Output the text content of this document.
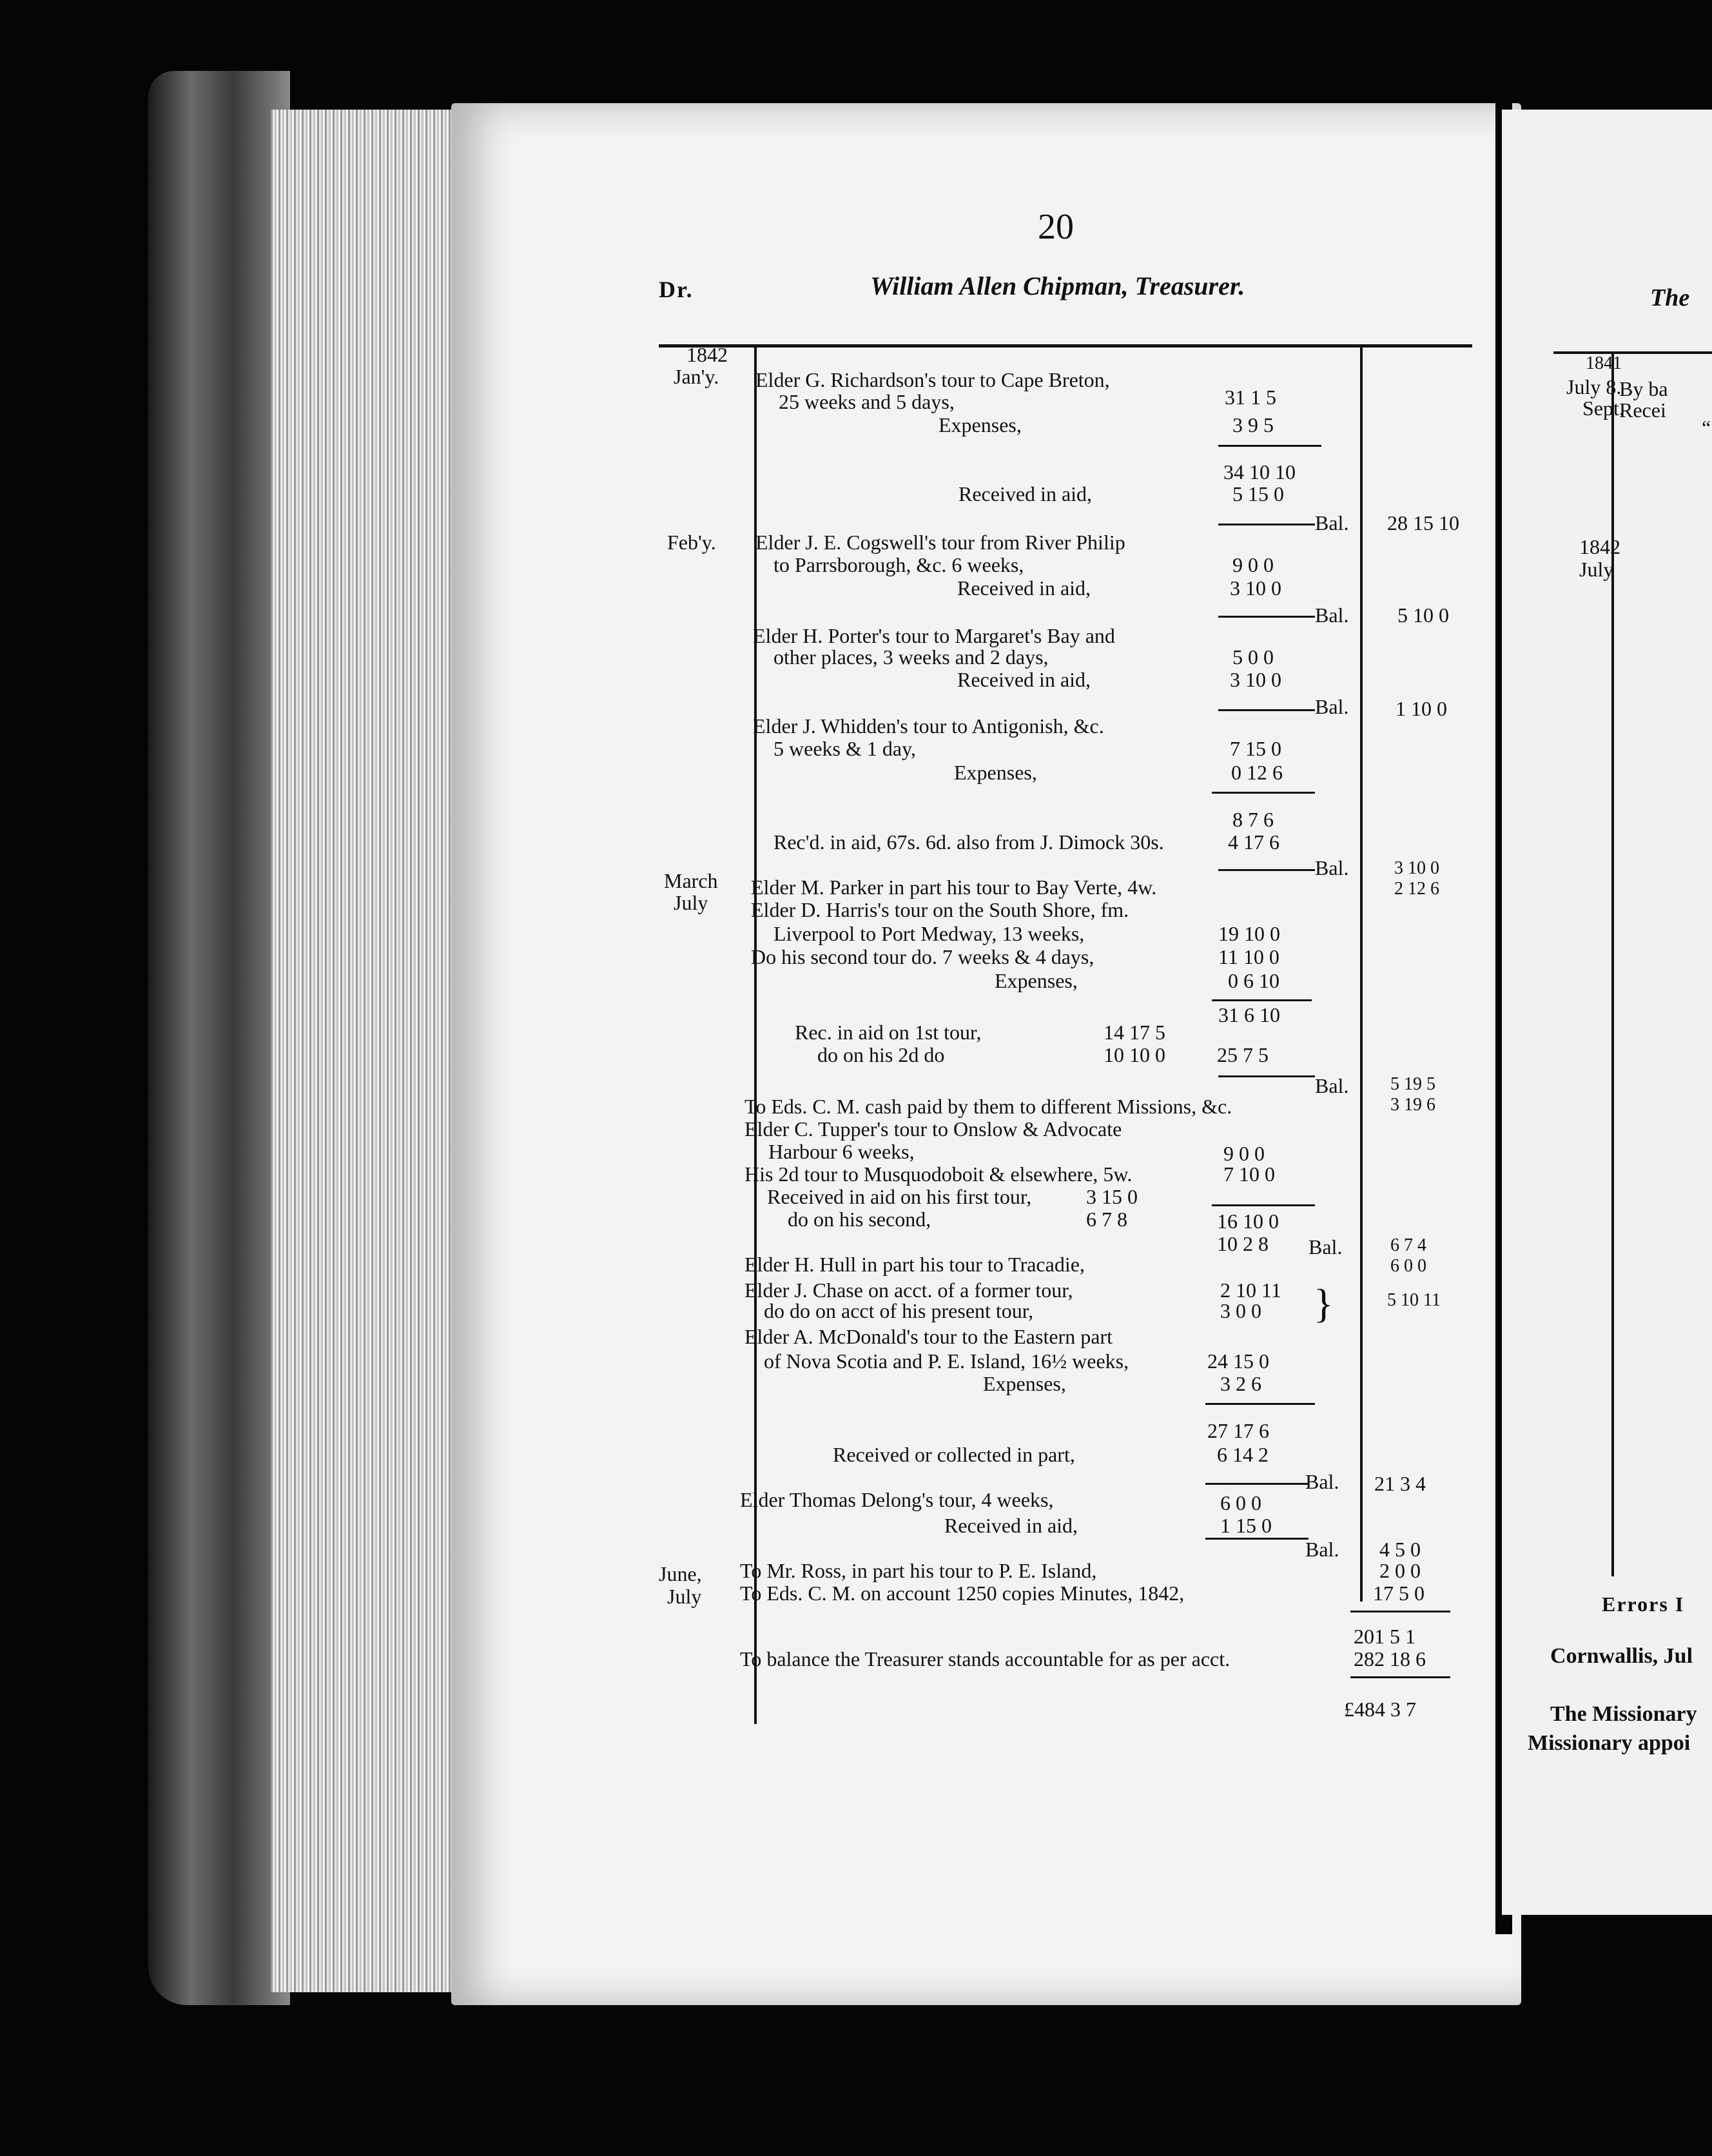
20
Dr.	William Allen Chipman, Treasurer.
1842
Jan'y.
Feb'y.
March
July
June,
July
Elder G. Richardson's tour to Cape Breton,
25 weeks and 5 days,
Expenses,
Received in aid,
Elder J. E. Cogswell's tour from River Philip
to Parrsborough, &c. 6 weeks,
Received in aid,
Elder H. Porter's tour to Margaret's Bay and
other places, 3 weeks and 2 days,
Received in aid,
Elder J. Whidden's tour to Antigonish, &c.
5 weeks & 1 day,
Expenses,
Rec'd. in aid, 67s. 6d. also from J. Dimock 30s.
Elder M. Parker in part his tour to Bay Verte, 4w.
Elder D. Harris's tour on the South Shore, fm.
Liverpool to Port Medway, 13 weeks,
Do his second tour do. 7 weeks & 4 days,
Expenses,
Rec. in aid on 1st tour,
do on his 2d do
To Eds. C. M. cash paid by them to different Missions, &c.
Elder C. Tupper's tour to Onslow & Advocate
Harbour 6 weeks,
His 2d tour to Musquodoboit & elsewhere, 5w.
Received in aid on his first tour,
do on his second,
Elder H. Hull in part his tour to Tracadie,
Elder J. Chase on acct. of a former tour,
do do on acct of his present tour,
Elder A. McDonald's tour to the Eastern part
of Nova Scotia and P. E. Island, 16½ weeks,
Expenses,
Received or collected in part,
Elder Thomas Delong's tour, 4 weeks,
Received in aid,
To Mr. Ross, in part his tour to P. E. Island,
To Eds. C. M. on account 1250 copies Minutes, 1842,
To balance the Treasurer stands accountable for as per acct.
31 1 5
3 9 5
34 10 10
5 15 0
9 0 0
3 10 0
5 0 0
3 10 0
7 15 0
0 12 6
8 7 6
4 17 6
19 10 0
11 10 0
0 6 10
31 6 10
25 7 5
14 17 5
10 10 0
9 0 0
7 10 0
3 15 0
6 7 8	16 10 0
10 2 8
2 10 11
3 0 0
24 15 0
3 2 6
27 17 6
6 14 2
6 0 0
1 15 0
Bal.
Bal.
Bal.
Bal.
Bal.
Bal.
Bal.
Bal.
28 15 10
5 10 0
1 10 0
3 10 0
2 12 6
5 19 5
3 19 6
6 7 4
6 0 0
5 10 11
21 3 4
4 5 0
2 0 0
17 5 0
201 5 1
282 18 6
£484 3 7
}
The
1841
July 8.
Sept.
1842
July
By ba
Recei
“
Errors I
Cornwallis, Jul
The Missionary
Missionary appoi
